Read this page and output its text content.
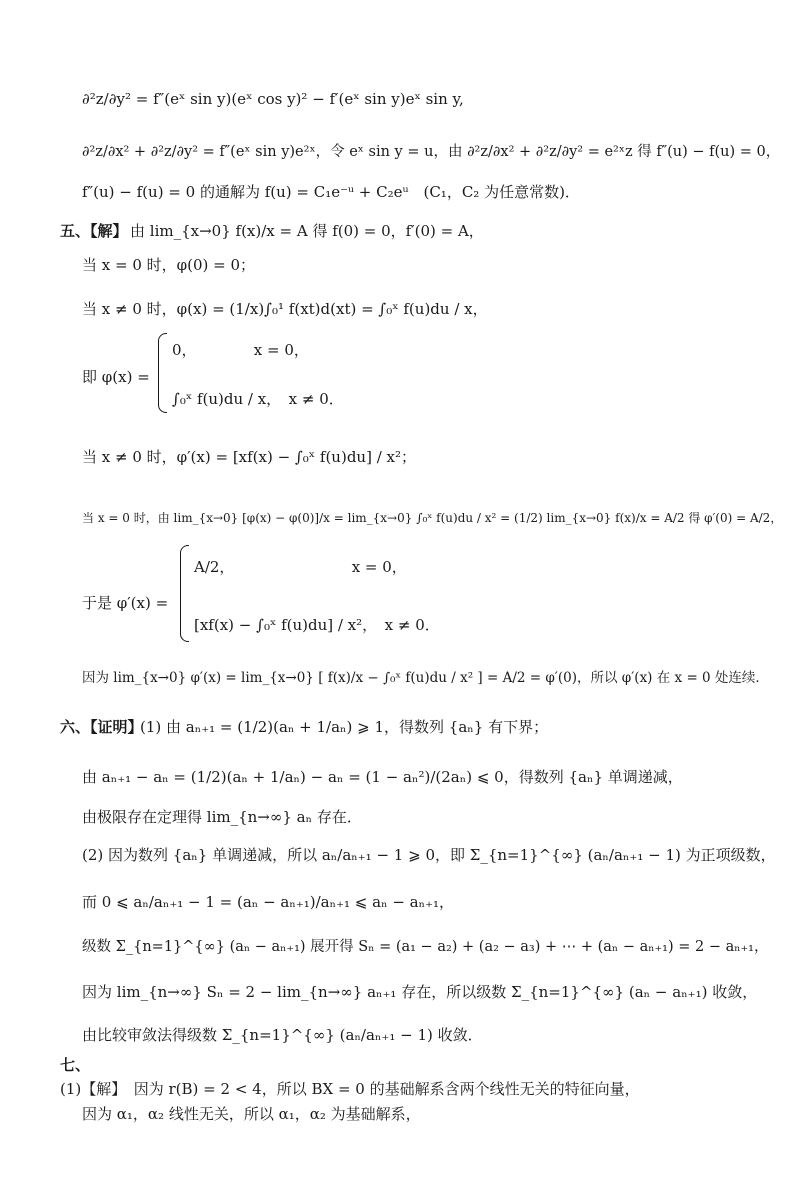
∂²z/∂y² = f″(eˣ sin y)(eˣ cos y)² − f′(eˣ sin y)eˣ sin y,
∂²z/∂x² + ∂²z/∂y² = f″(eˣ sin y)e²ˣ，令 eˣ sin y = u，由 ∂²z/∂x² + ∂²z/∂y² = e²ˣz 得 f″(u) − f(u) = 0，
f″(u) − f(u) = 0 的通解为 f(u) = C₁e⁻ᵘ + C₂eᵘ　(C₁，C₂ 为任意常数)．
五、【解】 由 lim_{x→0} f(x)/x = A 得 f(0) = 0，f′(0) = A，
当 x = 0 时，φ(0) = 0；
当 x ≠ 0 时，φ(x) = (1/x)∫₀¹ f(xt)d(xt) = ∫₀ˣ f(u)du / x，
即 φ(x) =
0，　　　　 x = 0，
∫₀ˣ f(u)du / x，　x ≠ 0．
当 x ≠ 0 时，φ′(x) = [xf(x) − ∫₀ˣ f(u)du] / x²；
当 x = 0 时，由 lim_{x→0} [φ(x) − φ(0)]/x = lim_{x→0} ∫₀ˣ f(u)du / x² = (1/2) lim_{x→0} f(x)/x = A/2 得 φ′(0) = A/2，
于是 φ′(x) =
A/2，　　　　　　　　 x = 0，
[xf(x) − ∫₀ˣ f(u)du] / x²，　x ≠ 0．
因为 lim_{x→0} φ′(x) = lim_{x→0} [ f(x)/x − ∫₀ˣ f(u)du / x² ] = A/2 = φ′(0)，所以 φ′(x) 在 x = 0 处连续．
六、【证明】
(1) 由 aₙ₊₁ = (1/2)(aₙ + 1/aₙ) ⩾ 1，得数列 {aₙ} 有下界；
由 aₙ₊₁ − aₙ = (1/2)(aₙ + 1/aₙ) − aₙ = (1 − aₙ²)/(2aₙ) ⩽ 0，得数列 {aₙ} 单调递减，
由极限存在定理得 lim_{n→∞} aₙ 存在．
(2) 因为数列 {aₙ} 单调递减，所以 aₙ/aₙ₊₁ − 1 ⩾ 0，即 Σ_{n=1}^{∞} (aₙ/aₙ₊₁ − 1) 为正项级数，
而 0 ⩽ aₙ/aₙ₊₁ − 1 = (aₙ − aₙ₊₁)/aₙ₊₁ ⩽ aₙ − aₙ₊₁，
级数 Σ_{n=1}^{∞} (aₙ − aₙ₊₁) 展开得 Sₙ = (a₁ − a₂) + (a₂ − a₃) + ⋯ + (aₙ − aₙ₊₁) = 2 − aₙ₊₁，
因为 lim_{n→∞} Sₙ = 2 − lim_{n→∞} aₙ₊₁ 存在，所以级数 Σ_{n=1}^{∞} (aₙ − aₙ₊₁) 收敛，
由比较审敛法得级数 Σ_{n=1}^{∞} (aₙ/aₙ₊₁ − 1) 收敛．
七、
(1)【解】　因为 r(B) = 2 < 4，所以 BX = 0 的基础解系含两个线性无关的特征向量，
因为 α₁，α₂ 线性无关，所以 α₁，α₂ 为基础解系，
